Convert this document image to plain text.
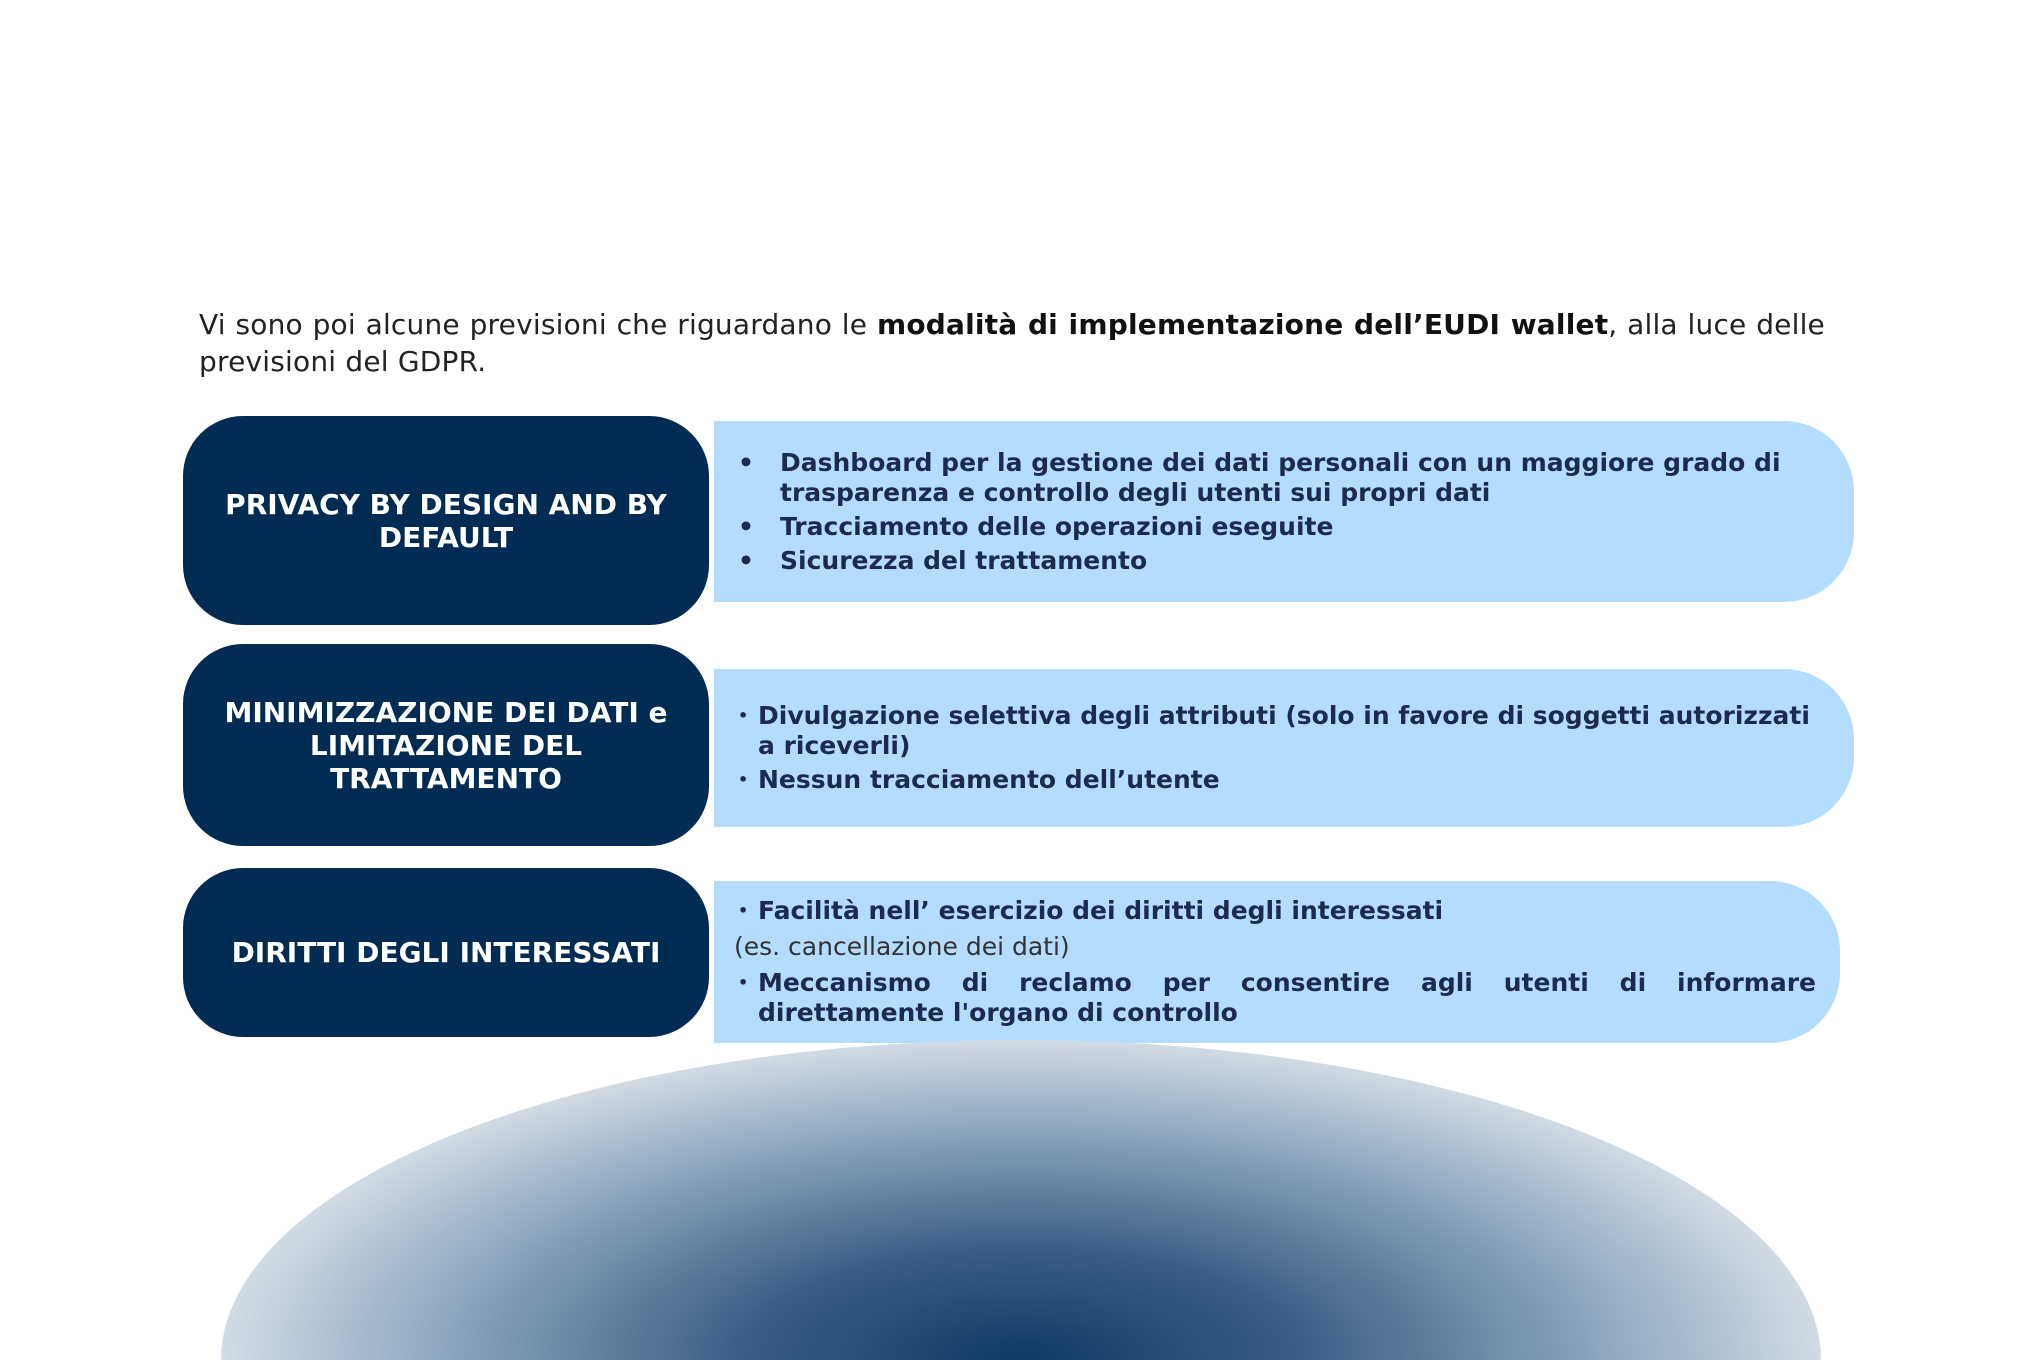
Vi sono poi alcune previsioni che riguardano le modalità di implementazione dell’EUDI wallet, alla luce delle previsioni del GDPR.

PRIVACY BY DESIGN AND BY DEFAULT
•	Dashboard per la gestione dei dati personali con un maggiore grado di trasparenza e controllo degli utenti sui propri dati
•	Tracciamento delle operazioni eseguite
•	Sicurezza del trattamento
MINIMIZZAZIONE DEI DATI e LIMITAZIONE DEL TRATTAMENTO
• Divulgazione selettiva degli attributi (solo in favore di soggetti autorizzati a riceverli)
• Nessun tracciamento dell’utente
DIRITTI DEGLI INTERESSATI
• Facilità nell’ esercizio dei diritti degli interessati
(es. cancellazione dei dati)
• Meccanismo di reclamo per consentire agli utenti di informare direttamente l'organo di controllo
